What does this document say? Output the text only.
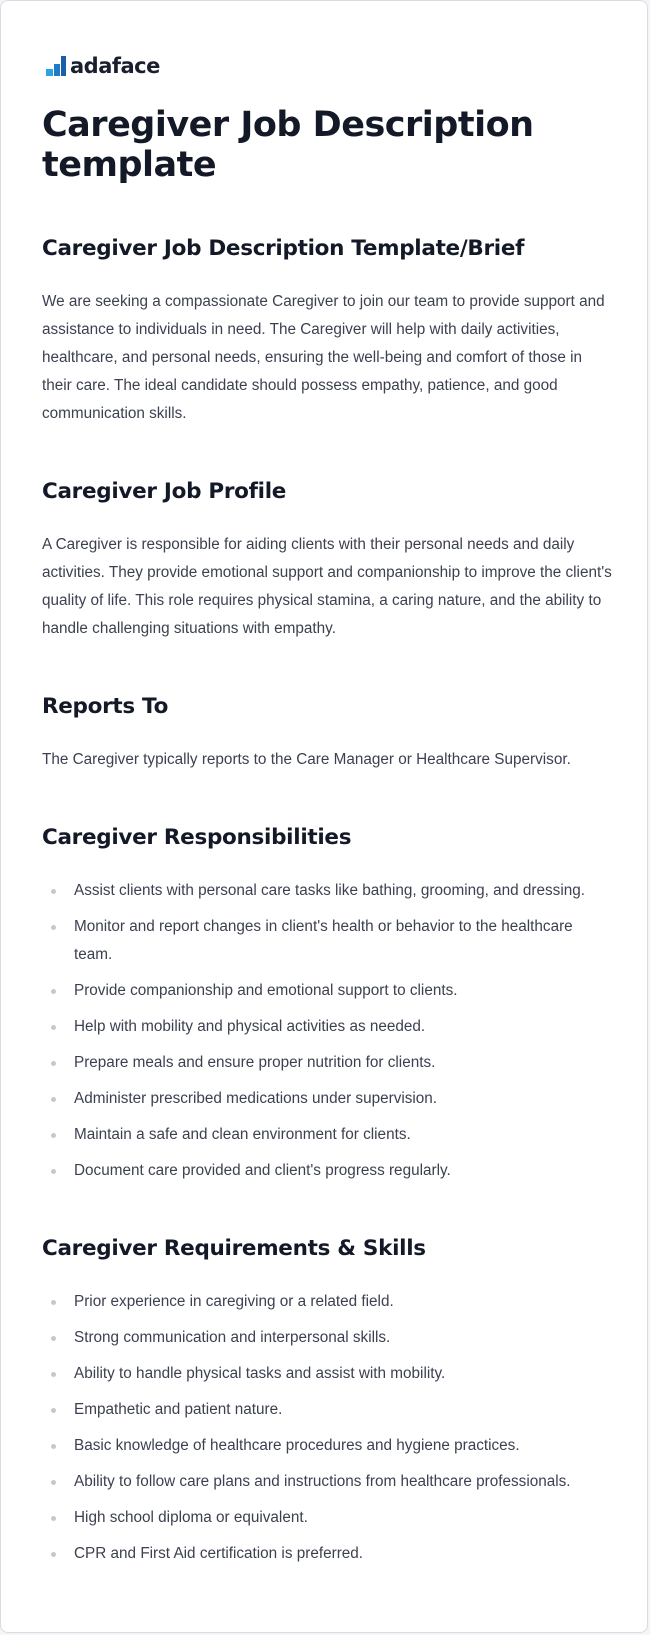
adaface
Caregiver Job Description template
Caregiver Job Description Template/Brief

We are seeking a compassionate Caregiver to join our team to provide support and assistance to individuals in need. The Caregiver will help with daily activities, healthcare, and personal needs, ensuring the well-being and comfort of those in their care. The ideal candidate should possess empathy, patience, and good communication skills.

Caregiver Job Profile

A Caregiver is responsible for aiding clients with their personal needs and daily activities. They provide emotional support and companionship to improve the client's quality of life. This role requires physical stamina, a caring nature, and the ability to handle challenging situations with empathy.

Reports To

The Caregiver typically reports to the Care Manager or Healthcare Supervisor.

Caregiver Responsibilities
Assist clients with personal care tasks like bathing, grooming, and dressing.
Monitor and report changes in client's health or behavior to the healthcare team.
Provide companionship and emotional support to clients.
Help with mobility and physical activities as needed.
Prepare meals and ensure proper nutrition for clients.
Administer prescribed medications under supervision.
Maintain a safe and clean environment for clients.
Document care provided and client's progress regularly.
Caregiver Requirements & Skills
Prior experience in caregiving or a related field.
Strong communication and interpersonal skills.
Ability to handle physical tasks and assist with mobility.
Empathetic and patient nature.
Basic knowledge of healthcare procedures and hygiene practices.
Ability to follow care plans and instructions from healthcare professionals.
High school diploma or equivalent.
CPR and First Aid certification is preferred.
